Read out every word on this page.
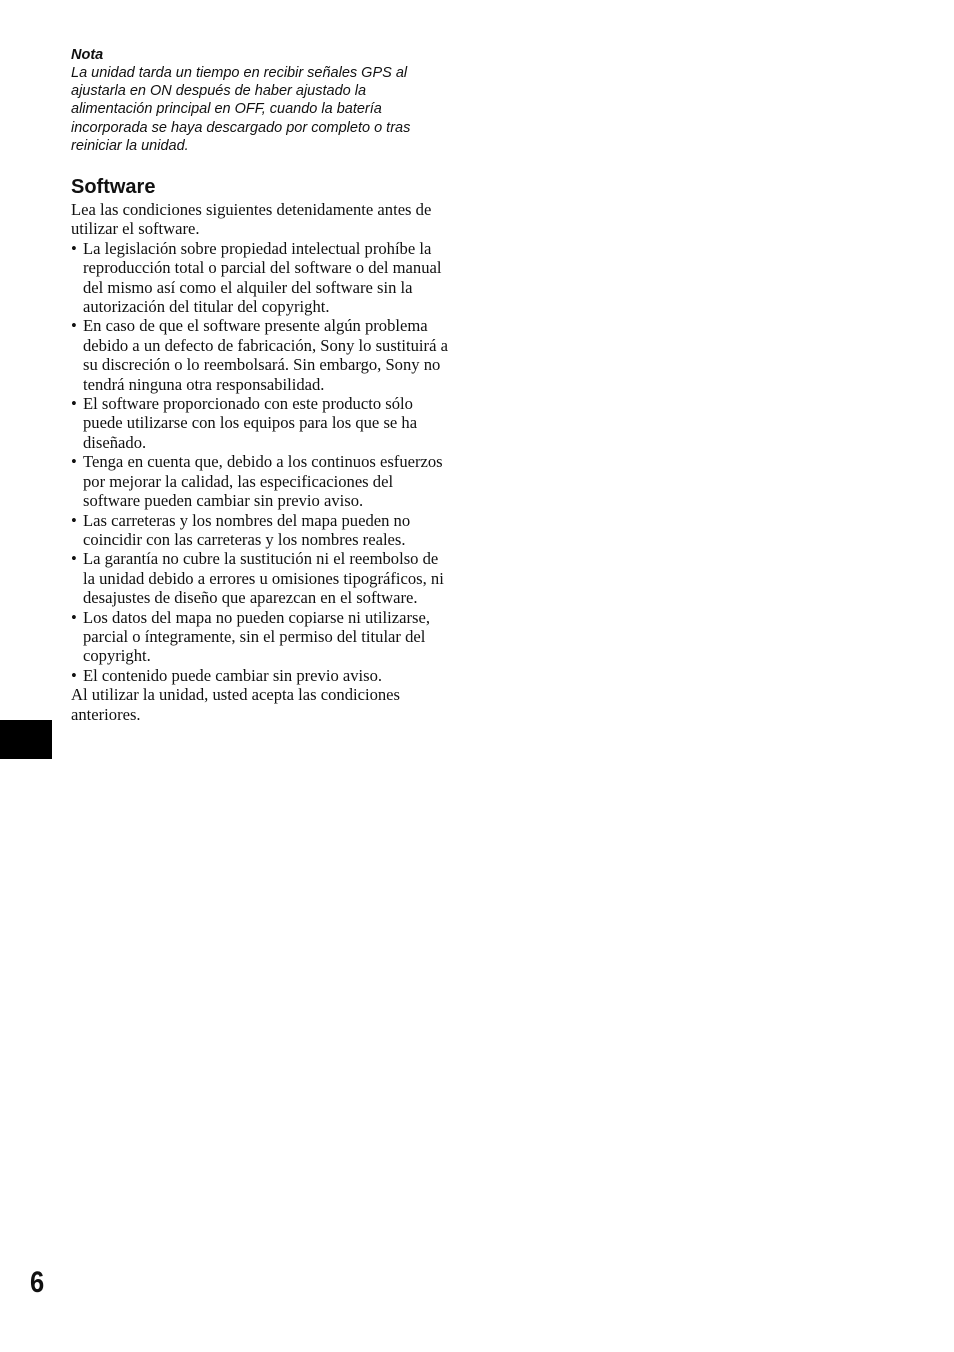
Nota

La unidad tarda un tiempo en recibir señales GPS al ajustarla en ON después de haber ajustado la alimentación principal en OFF, cuando la batería incorporada se haya descargado por completo o tras reiniciar la unidad.

Software

Lea las condiciones siguientes detenidamente antes de utilizar el software.

• La legislación sobre propiedad intelectual prohíbe la reproducción total o parcial del software o del manual del mismo así como el alquiler del software sin la autorización del titular del copyright.
• En caso de que el software presente algún problema debido a un defecto de fabricación, Sony lo sustituirá a su discreción o lo reembolsará. Sin embargo, Sony no tendrá ninguna otra responsabilidad.
• El software proporcionado con este producto sólo puede utilizarse con los equipos para los que se ha diseñado.
• Tenga en cuenta que, debido a los continuos esfuerzos por mejorar la calidad, las especificaciones del software pueden cambiar sin previo aviso.
• Las carreteras y los nombres del mapa pueden no coincidir con las carreteras y los nombres reales.
• La garantía no cubre la sustitución ni el reembolso de la unidad debido a errores u omisiones tipográficos, ni desajustes de diseño que aparezcan en el software.
• Los datos del mapa no pueden copiarse ni utilizarse, parcial o íntegramente, sin el permiso del titular del copyright.
• El contenido puede cambiar sin previo aviso.

Al utilizar la unidad, usted acepta las condiciones anteriores.

6
